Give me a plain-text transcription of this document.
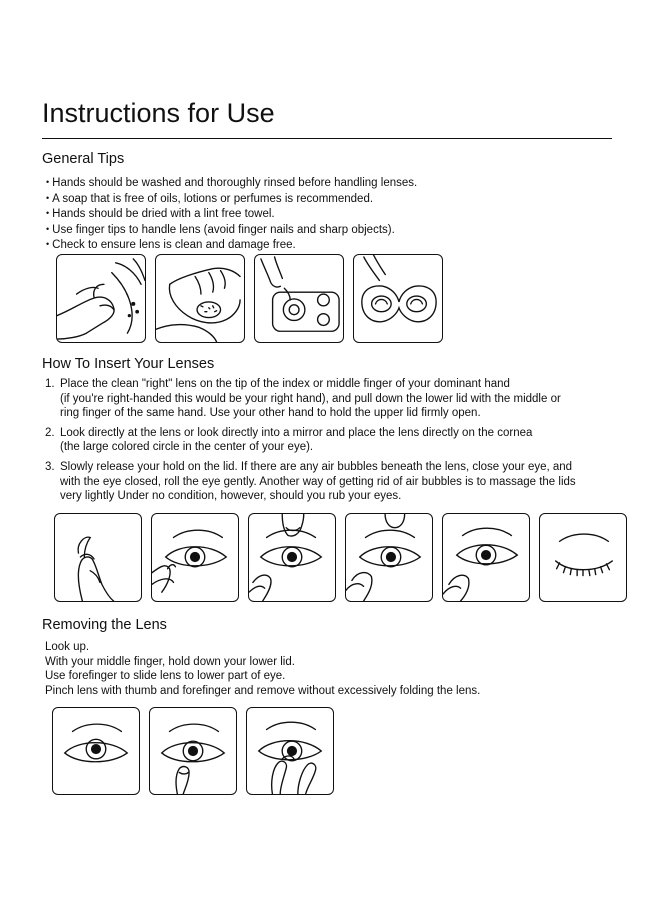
Instructions for Use
General Tips
• Hands should be washed and thoroughly rinsed before handling lenses.
• A soap that is free of oils, lotions or perfumes is recommended.
• Hands should be dried with a lint free towel.
• Use finger tips to handle lens (avoid finger nails and sharp objects).
• Check to ensure lens is clean and damage free.
How To Insert Your Lenses
1. Place the clean "right" lens on the tip of the index or middle finger of your dominant hand
(if you're right-handed this would be your right hand), and pull down the lower lid with the middle or
ring finger of the same hand. Use your other hand to hold the upper lid firmly open.
2. Look directly at the lens or look directly into a mirror and place the lens directly on the cornea
(the large colored circle in the center of your eye).
3. Slowly release your hold on the lid. If there are any air bubbles beneath the lens, close your eye, and
with the eye closed, roll the eye gently. Another way of getting rid of air bubbles is to massage the lids
very lightly Under no condition, however, should you rub your eyes.
Removing the Lens
Look up.
With your middle finger, hold down your lower lid.
Use forefinger to slide lens to lower part of eye.
Pinch lens with thumb and forefinger and remove without excessively folding the lens.
